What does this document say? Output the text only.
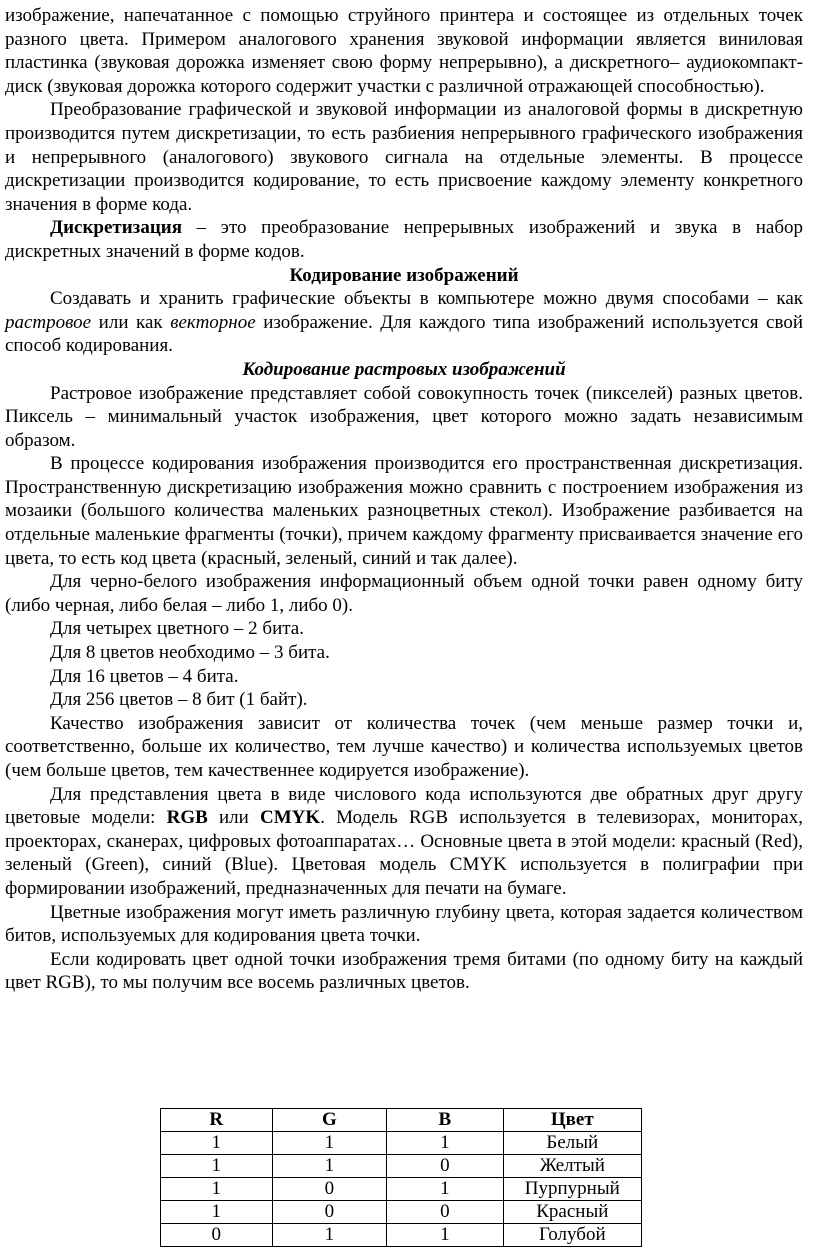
изображение, напечатанное с помощью струйного принтера и состоящее из отдельных точек разного цвета. Примером аналогового хранения звуковой информации является виниловая пластинка (звуковая дорожка изменяет свою форму непрерывно), а дискретного– аудиокомпакт-диск (звуковая дорожка которого содержит участки с различной отражающей способностью).

Преобразование графической и звуковой информации из аналоговой формы в дискретную производится путем дискретизации, то есть разбиения непрерывного графического изображения и непрерывного (аналогового) звукового сигнала на отдельные элементы. В процессе дискретизации производится кодирование, то есть присвоение каждому элементу конкретного значения в форме кода.

Дискретизация – это преобразование непрерывных изображений и звука в набор дискретных значений в форме кодов.

Кодирование изображений

Создавать и хранить графические объекты в компьютере можно двумя способами – как растровое или как векторное изображение. Для каждого типа изображений используется свой способ кодирования.

Кодирование растровых изображений

Растровое изображение представляет собой совокупность точек (пикселей) разных цветов. Пиксель – минимальный участок изображения, цвет которого можно задать независимым образом.

В процессе кодирования изображения производится его пространственная дискретизация. Пространственную дискретизацию изображения можно сравнить с построением изображения из мозаики (большого количества маленьких разноцветных стекол). Изображение разбивается на отдельные маленькие фрагменты (точки), причем каждому фрагменту присваивается значение его цвета, то есть код цвета (красный, зеленый, синий и так далее).

Для черно-белого изображения информационный объем одной точки равен одному биту (либо черная, либо белая – либо 1, либо 0).

Для четырех цветного – 2 бита.

Для 8 цветов необходимо – 3 бита.

Для 16 цветов – 4 бита.

Для 256 цветов – 8 бит (1 байт).

Качество изображения зависит от количества точек (чем меньше размер точки и, соответственно, больше их количество, тем лучше качество) и количества используемых цветов (чем больше цветов, тем качественнее кодируется изображение).

Для представления цвета в виде числового кода используются две обратных друг другу цветовые модели: RGB или CMYK. Модель RGB используется в телевизорах, мониторах, проекторах, сканерах, цифровых фотоаппаратах… Основные цвета в этой модели: красный (Red), зеленый (Green), синий (Blue). Цветовая модель CMYK используется в полиграфии при формировании изображений, предназначенных для печати на бумаге.

Цветные изображения могут иметь различную глубину цвета, которая задается количеством битов, используемых для кодирования цвета точки.

Если кодировать цвет одной точки изображения тремя битами (по одному биту на каждый цвет RGB), то мы получим все восемь различных цветов.

R	G	B	Цвет
1	1	1	Белый
1	1	0	Желтый
1	0	1	Пурпурный
1	0	0	Красный
0	1	1	Голубой
